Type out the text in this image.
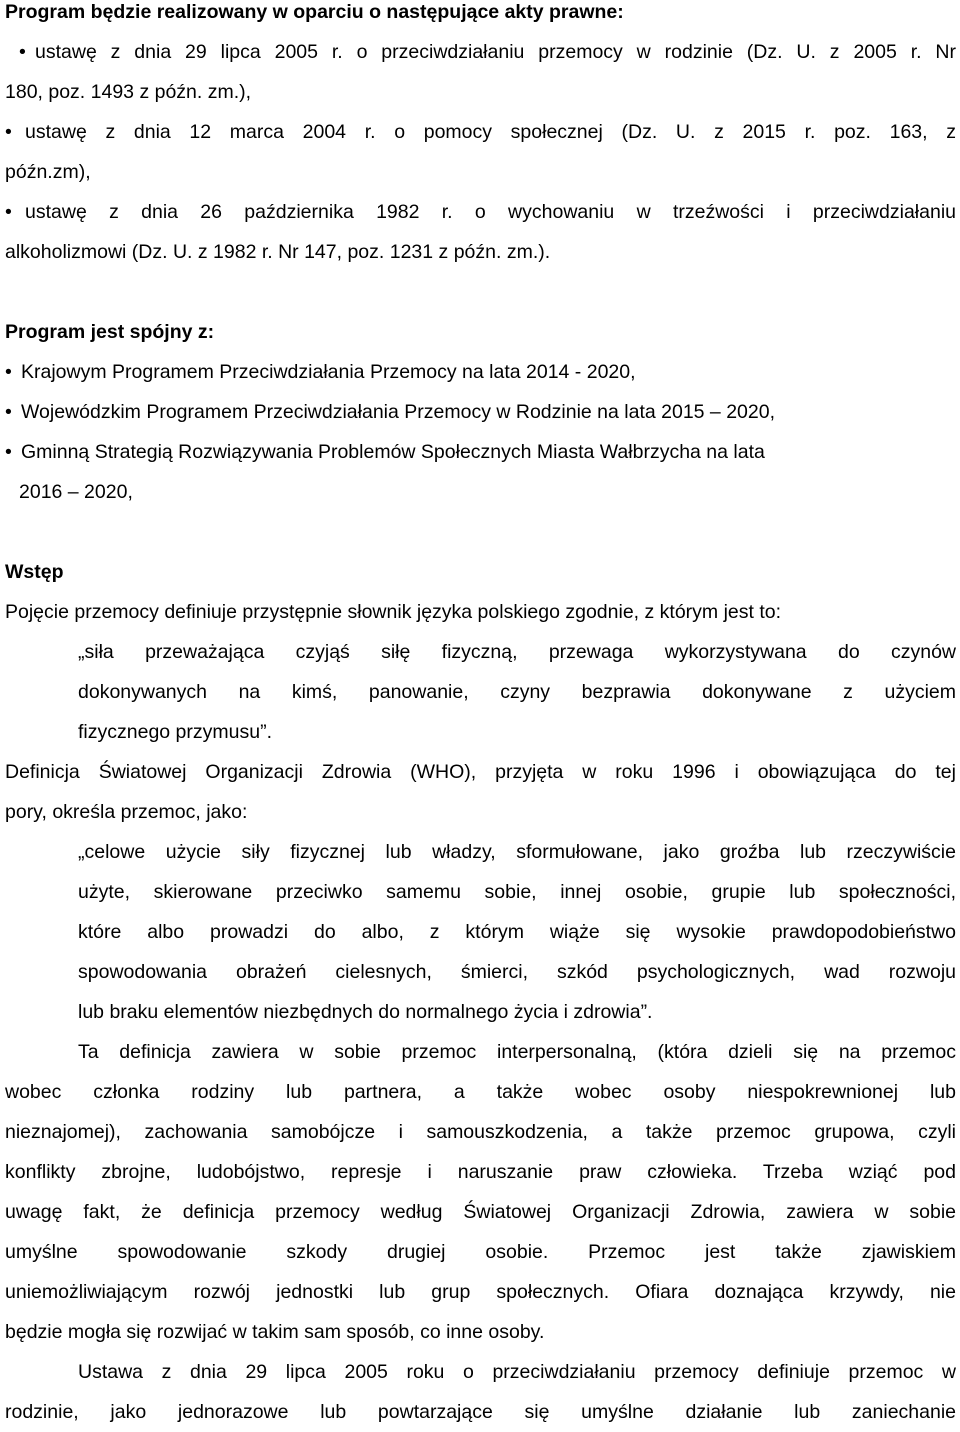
Program będzie realizowany w oparciu o następujące akty prawne:
• ustawę z dnia 29 lipca 2005 r. o przeciwdziałaniu przemocy w rodzinie (Dz. U. z 2005 r. Nr
180, poz. 1493 z późn. zm.),
• ustawę z dnia 12 marca 2004 r. o pomocy społecznej (Dz. U. z 2015 r. poz. 163, z
późn.zm),
• ustawę z dnia 26 października 1982 r. o wychowaniu w trzeźwości i przeciwdziałaniu
alkoholizmowi (Dz. U. z 1982 r. Nr 147, poz. 1231 z późn. zm.).
Program jest spójny z:
• Krajowym Programem Przeciwdziałania Przemocy na lata 2014 - 2020,
• Wojewódzkim Programem Przeciwdziałania Przemocy w Rodzinie na lata 2015 – 2020,
• Gminną Strategią Rozwiązywania Problemów Społecznych Miasta Wałbrzycha na lata
2016 – 2020,
Wstęp
Pojęcie przemocy definiuje przystępnie słownik języka polskiego zgodnie, z którym jest to:
„siła przeważająca czyjąś siłę fizyczną, przewaga wykorzystywana do czynów
dokonywanych na kimś, panowanie, czyny bezprawia dokonywane z użyciem
fizycznego przymusu”.
Definicja Światowej Organizacji Zdrowia (WHO), przyjęta w roku 1996 i obowiązująca do tej
pory, określa przemoc, jako:
„celowe użycie siły fizycznej lub władzy, sformułowane, jako groźba lub rzeczywiście
użyte, skierowane przeciwko samemu sobie, innej osobie, grupie lub społeczności,
które albo prowadzi do albo, z którym wiąże się wysokie prawdopodobieństwo
spowodowania obrażeń cielesnych, śmierci, szkód psychologicznych, wad rozwoju
lub braku elementów niezbędnych do normalnego życia i zdrowia”.
Ta definicja zawiera w sobie przemoc interpersonalną, (która dzieli się na przemoc
wobec członka rodziny lub partnera, a także wobec osoby niespokrewnionej lub
nieznajomej), zachowania samobójcze i samouszkodzenia, a także przemoc grupowa, czyli
konflikty zbrojne, ludobójstwo, represje i naruszanie praw człowieka. Trzeba wziąć pod
uwagę fakt, że definicja przemocy według Światowej Organizacji Zdrowia, zawiera w sobie
umyślne spowodowanie szkody drugiej osobie. Przemoc jest także zjawiskiem
uniemożliwiającym rozwój jednostki lub grup społecznych. Ofiara doznająca krzywdy, nie
będzie mogła się rozwijać w takim sam sposób, co inne osoby.
Ustawa z dnia 29 lipca 2005 roku o przeciwdziałaniu przemocy definiuje przemoc w
rodzinie, jako jednorazowe lub powtarzające się umyślne działanie lub zaniechanie
